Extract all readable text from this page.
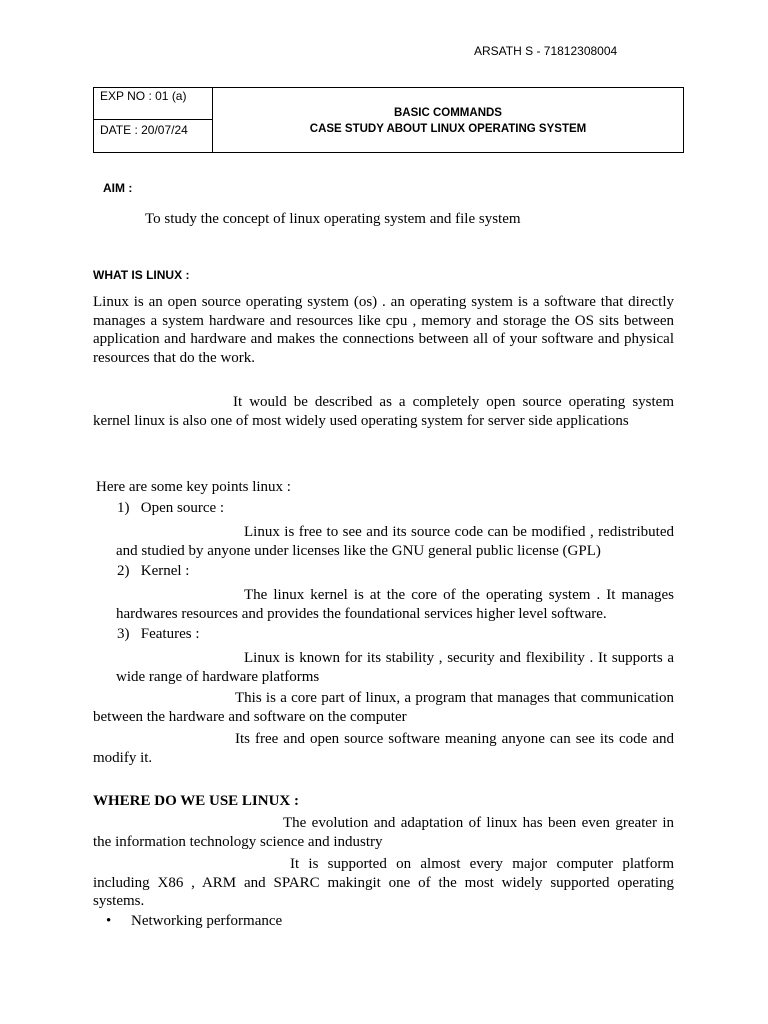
ARSATH S - 71812308004
EXP NO : 01 (a)
DATE : 20/07/24
BASIC COMMANDS
CASE STUDY ABOUT LINUX OPERATING SYSTEM
AIM :
To study the concept of linux operating system and file system
WHAT IS LINUX :
Linux is an open source operating system (os) . an operating system is a software that directly manages a system hardware and resources like cpu , memory and storage the OS sits between application and hardware and makes the connections between all of your software and physical resources that do the work.
It would be described as a completely open source operating system kernel linux is also one of most widely used operating system for server side applications
Here are some key points linux :
1) Open source :
Linux is free to see and its source code can be modified , redistributed and studied by anyone under licenses like the GNU general public license (GPL)
2) Kernel :
The linux kernel is at the core of the operating system . It manages hardwares resources and provides the foundational services higher level software.
3) Features :
Linux is known for its stability , security and flexibility . It supports a wide range of hardware platforms
This is a core part of linux, a program that manages that communication between the hardware and software on the computer
Its free and open source software meaning anyone can see its code and modify it.
WHERE DO WE USE LINUX :
The evolution and adaptation of linux has been even greater in the information technology science and industry
It is supported on almost every major computer platform including X86 , ARM and SPARC makingit one of the most widely supported operating systems.
• Networking performance
